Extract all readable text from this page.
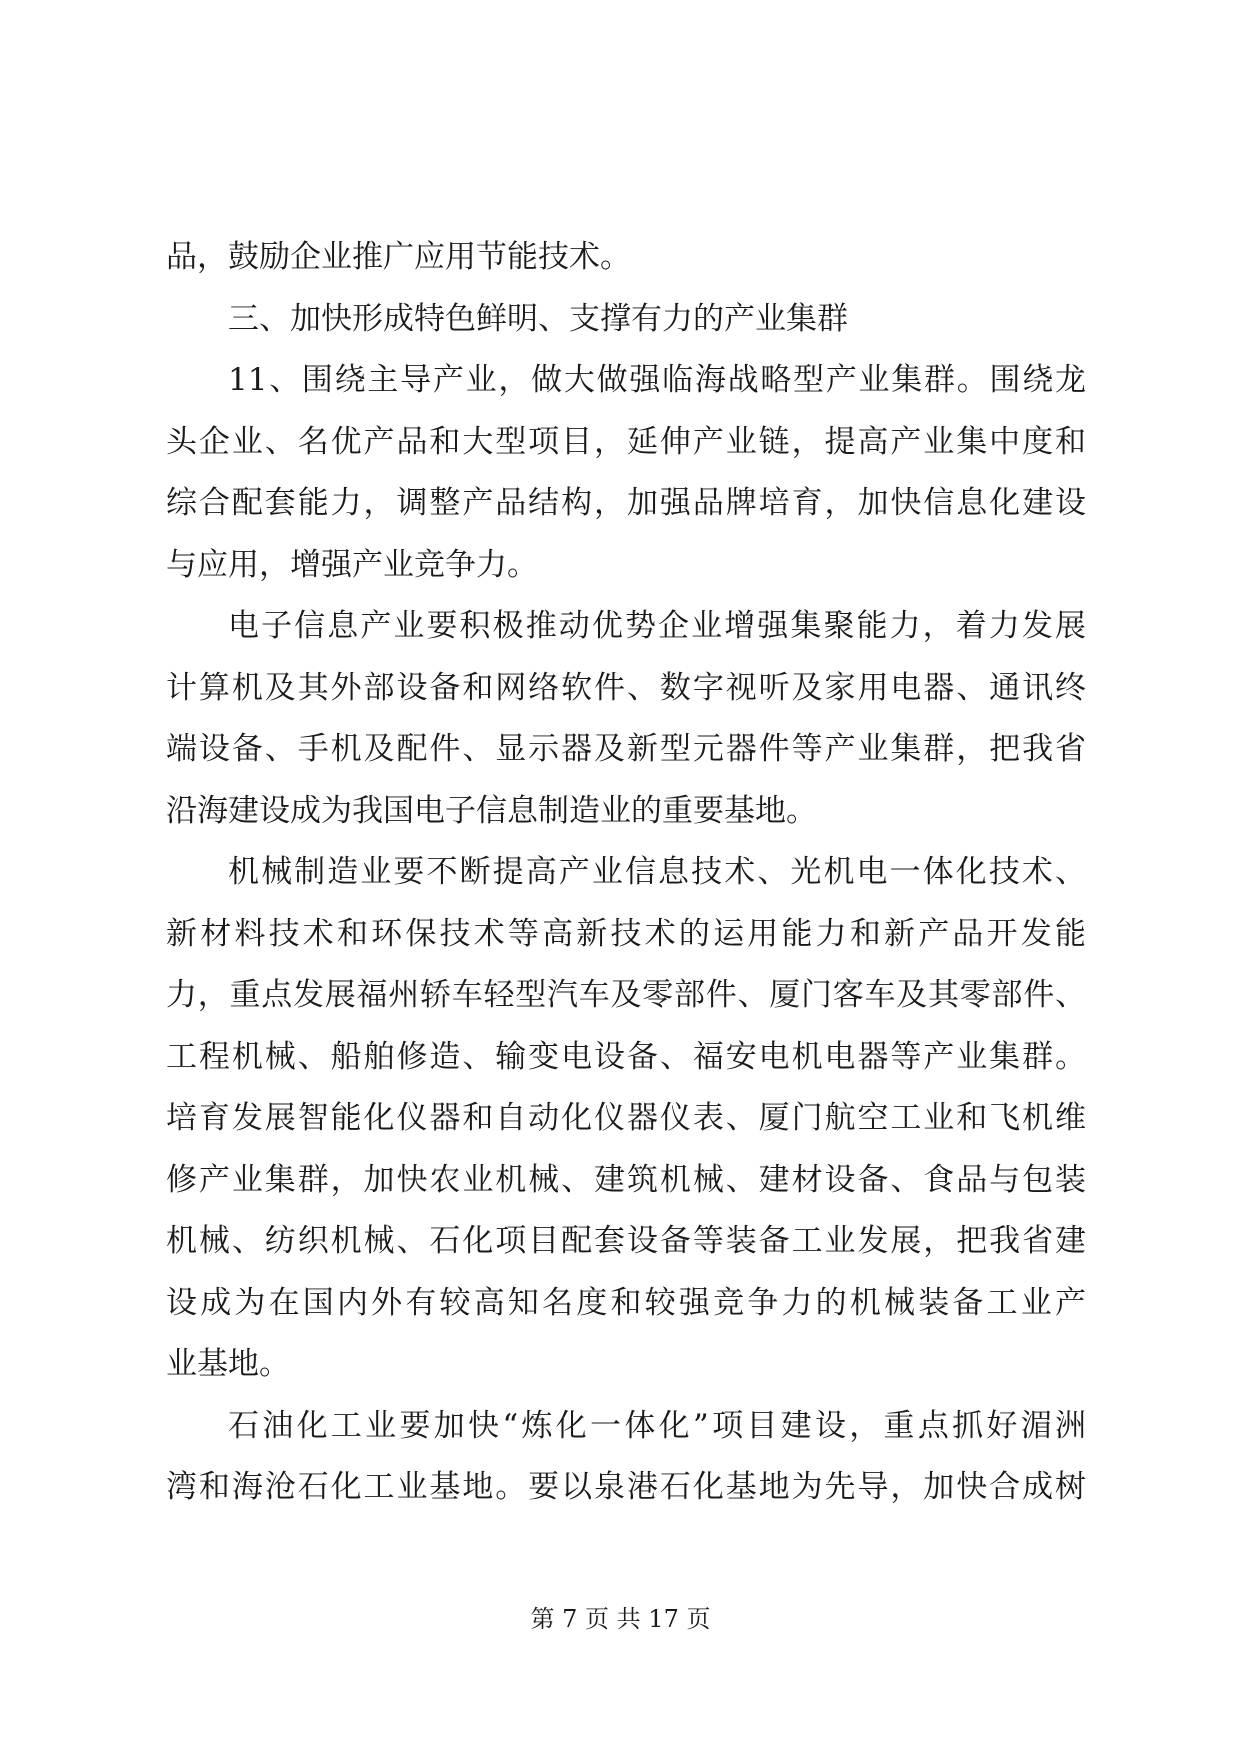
品，鼓励企业推广应用节能技术。
三、加快形成特色鲜明、支撑有力的产业集群
11、围绕主导产业，做大做强临海战略型产业集群。围绕龙
头企业、名优产品和大型项目，延伸产业链，提高产业集中度和
综合配套能力，调整产品结构，加强品牌培育，加快信息化建设
与应用，增强产业竞争力。
电子信息产业要积极推动优势企业增强集聚能力，着力发展
计算机及其外部设备和网络软件、数字视听及家用电器、通讯终
端设备、手机及配件、显示器及新型元器件等产业集群，把我省
沿海建设成为我国电子信息制造业的重要基地。
机械制造业要不断提高产业信息技术、光机电一体化技术、
新材料技术和环保技术等高新技术的运用能力和新产品开发能
力，重点发展福州轿车轻型汽车及零部件、厦门客车及其零部件、
工程机械、船舶修造、输变电设备、福安电机电器等产业集群。
培育发展智能化仪器和自动化仪器仪表、厦门航空工业和飞机维
修产业集群，加快农业机械、建筑机械、建材设备、食品与包装
机械、纺织机械、石化项目配套设备等装备工业发展，把我省建
设成为在国内外有较高知名度和较强竞争力的机械装备工业产
业基地。
石油化工业要加快“炼化一体化”项目建设，重点抓好湄洲
湾和海沧石化工业基地。要以泉港石化基地为先导，加快合成树
第 7 页 共 17 页
